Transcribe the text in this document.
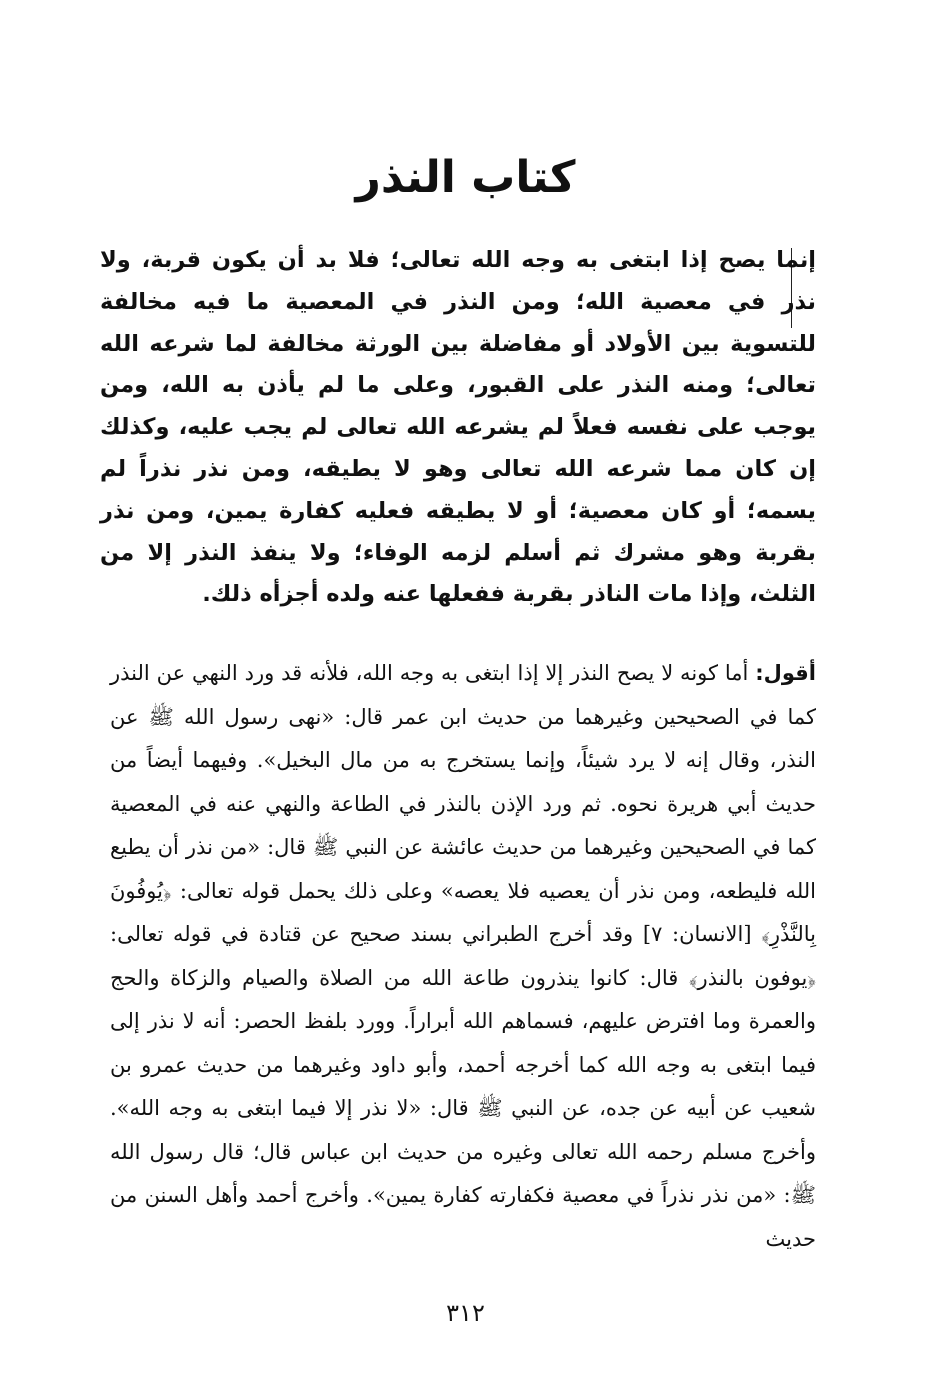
كتاب النذر

إنما يصح إذا ابتغى به وجه الله تعالى؛ فلا بد أن يكون قربة، ولا نذر في معصية الله؛ ومن النذر في المعصية ما فيه مخالفة للتسوية بين الأولاد أو مفاضلة بين الورثة مخالفة لما شرعه الله تعالى؛ ومنه النذر على القبور، وعلى ما لم يأذن به الله، ومن يوجب على نفسه فعلاً لم يشرعه الله تعالى لم يجب عليه، وكذلك إن كان مما شرعه الله تعالى وهو لا يطيقه، ومن نذر نذراً لم يسمه؛ أو كان معصية؛ أو لا يطيقه فعليه كفارة يمين، ومن نذر بقربة وهو مشرك ثم أسلم لزمه الوفاء؛ ولا ينفذ النذر إلا من الثلث، وإذا مات الناذر بقربة ففعلها عنه ولده أجزأه ذلك.

أقول: أما كونه لا يصح النذر إلا إذا ابتغى به وجه الله، فلأنه قد ورد النهي عن النذر كما في الصحيحين وغيرهما من حديث ابن عمر قال: «نهى رسول الله ﷺ عن النذر، وقال إنه لا يرد شيئاً، وإنما يستخرج به من مال البخيل». وفيهما أيضاً من حديث أبي هريرة نحوه. ثم ورد الإذن بالنذر في الطاعة والنهي عنه في المعصية كما في الصحيحين وغيرهما من حديث عائشة عن النبي ﷺ قال: «من نذر أن يطيع الله فليطعه، ومن نذر أن يعصيه فلا يعصه» وعلى ذلك يحمل قوله تعالى: ﴿يُوفُونَ بِالنَّذْرِ﴾ [الانسان: ٧] وقد أخرج الطبراني بسند صحيح عن قتادة في قوله تعالى: ﴿يوفون بالنذر﴾ قال: كانوا ينذرون طاعة الله من الصلاة والصيام والزكاة والحج والعمرة وما افترض عليهم، فسماهم الله أبراراً. وورد بلفظ الحصر: أنه لا نذر إلى فيما ابتغى به وجه الله كما أخرجه أحمد، وأبو داود وغيرهما من حديث عمرو بن شعيب عن أبيه عن جده، عن النبي ﷺ قال: «لا نذر إلا فيما ابتغى به وجه الله». وأخرج مسلم رحمه الله تعالى وغيره من حديث ابن عباس قال؛ قال رسول الله ﷺ: «من نذر نذراً في معصية فكفارته كفارة يمين». وأخرج أحمد وأهل السنن من حديث

٣١٢
